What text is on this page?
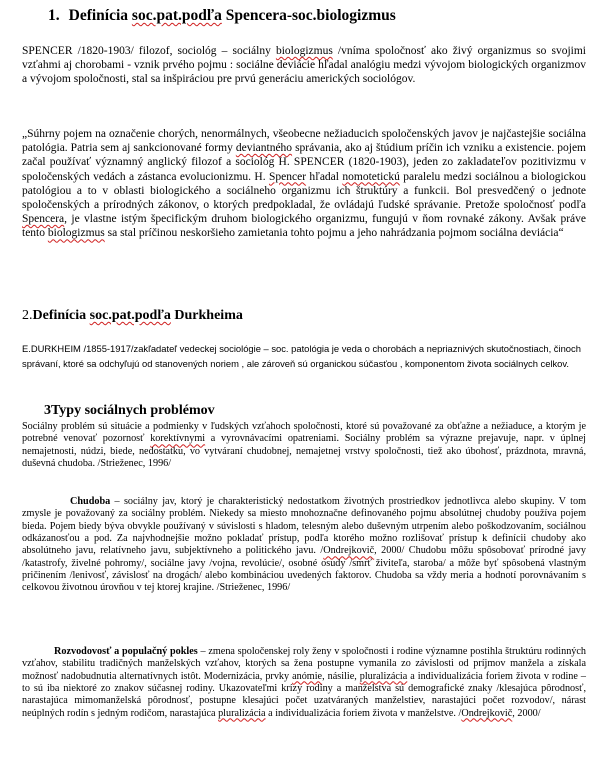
1. Definícia soc.pat.podľa Spencera-soc.biologizmus
SPENCER /1820-1903/ filozof, sociológ – sociálny biologizmus /vníma spoločnosť ako živý organizmus so svojimi vzťahmi aj chorobami - vznik prvého pojmu : sociálne deviácie hľadal analógiu medzi vývojom biologických organizmov a vývojom spoločnosti, stal sa inšpiráciou pre prvú generáciu amerických sociológov.
„Súhrny pojem na označenie chorých, nenormálnych, všeobecne nežiaducich spoločenských javov je najčastejšie sociálna patológia. Patria sem aj sankcionované formy deviantného správania, ako aj štúdium príčin ich vzniku a existencie. pojem začal používať významný anglický filozof a sociológ H. SPENCER (1820-1903), jeden zo zakladateľov pozitivizmu v spoločenských vedách a zástanca evolucionizmu. H. Spencer hľadal nomotetickú paralelu medzi sociálnou a biologickou patológiou a to v oblasti biologického a sociálneho organizmu ich štruktúry a funkcii. Bol presvedčený o jednote spoločenských a prírodných zákonov, o ktorých predpokladal, že ovládajú ľudské správanie. Pretože spoločnosť podľa Spencera, je vlastne istým špecifickým druhom biologického organizmu, fungujú v ňom rovnaké zákony. Avšak práve tento biologizmus sa stal príčinou neskoršieho zamietania tohto pojmu a jeho nahrádzania pojmom sociálna deviácia“
2.Definícia soc.pat.podľa Durkheima
E.DURKHEIM /1855-1917/zakľadateľ vedeckej sociológie – soc. patológia je veda o chorobách a nepriaznivých skutočnostiach, činoch správaní, ktoré sa odchyľujú od stanovených noriem , ale zároveň sú organickou súčasťou , komponentom života sociálnych celkov.
3Typy sociálnych problémov
Sociálny problém sú situácie a podmienky v ľudských vzťahoch spoločnosti, ktoré sú považované za obťažne a nežiaduce, a ktorým je potrebné venovať pozornosť korektívnymi a vyrovnávacími opatreniami. Sociálny problém sa výrazne prejavuje, napr. v úplnej nemajetnosti, núdzi, biede, nedostatku, vo vytváraní chudobnej, nemajetnej vrstvy spoločnosti, tiež ako úbohosť, prázdnota, mravná, duševná chudoba. /Strieženec, 1996/
Chudoba – sociálny jav, ktorý je charakteristický nedostatkom životných prostriedkov jednotlivca alebo skupiny. V tom zmysle je považovaný za sociálny problém. Niekedy sa miesto mnohoznačne definovaného pojmu absolútnej chudoby používa pojem bieda. Pojem biedy býva obvykle používaný v súvislosti s hladom, telesným alebo duševným utrpením alebo poškodzovaním, sociálnou odkázanosťou a pod. Za najvhodnejšie možno pokladať prístup, podľa ktorého možno rozlišovať prístup k definícii chudoby ako absolútneho javu, relatívneho javu, subjektívneho a politického javu. /Ondrejkovič, 2000/ Chudobu môžu spôsobovať prírodné javy /katastrofy, živelné pohromy/, sociálne javy /vojna, revolúcie/, osobné osudy /smrť živiteľa, staroba/ a môže byť spôsobená vlastným pričinením /lenivosť, závislosť na drogách/ alebo kombináciou uvedených faktorov. Chudoba sa vždy meria a hodnotí porovnávaním s celkovou životnou úrovňou v tej ktorej krajine. /Strieženec, 1996/
Rozvodovosť a populačný pokles – zmena spoločenskej roly ženy v spoločnosti i rodine významne postihla štruktúru rodinných vzťahov, stabilitu tradičných manželských vzťahov, ktorých sa žena postupne vymanila zo závislosti od príjmov manžela a získala možnosť nadobudnutia alternatívnych istôt. Modernizácia, prvky anómie, násilie, pluralizácia a individualizácia foriem života v rodine – to sú iba niektoré zo znakov súčasnej rodiny. Ukazovateľmi krízy rodiny a manželstva sú demografické znaky /klesajúca pôrodnosť, narastajúca mimomanželská pôrodnosť, postupne klesajúci počet uzatváraných manželstiev, narastajúci počet rozvodov/, nárast neúplných rodín s jedným rodičom, narastajúca pluralizácia a individualizácia foriem života v manželstve. /Ondrejkovič, 2000/
